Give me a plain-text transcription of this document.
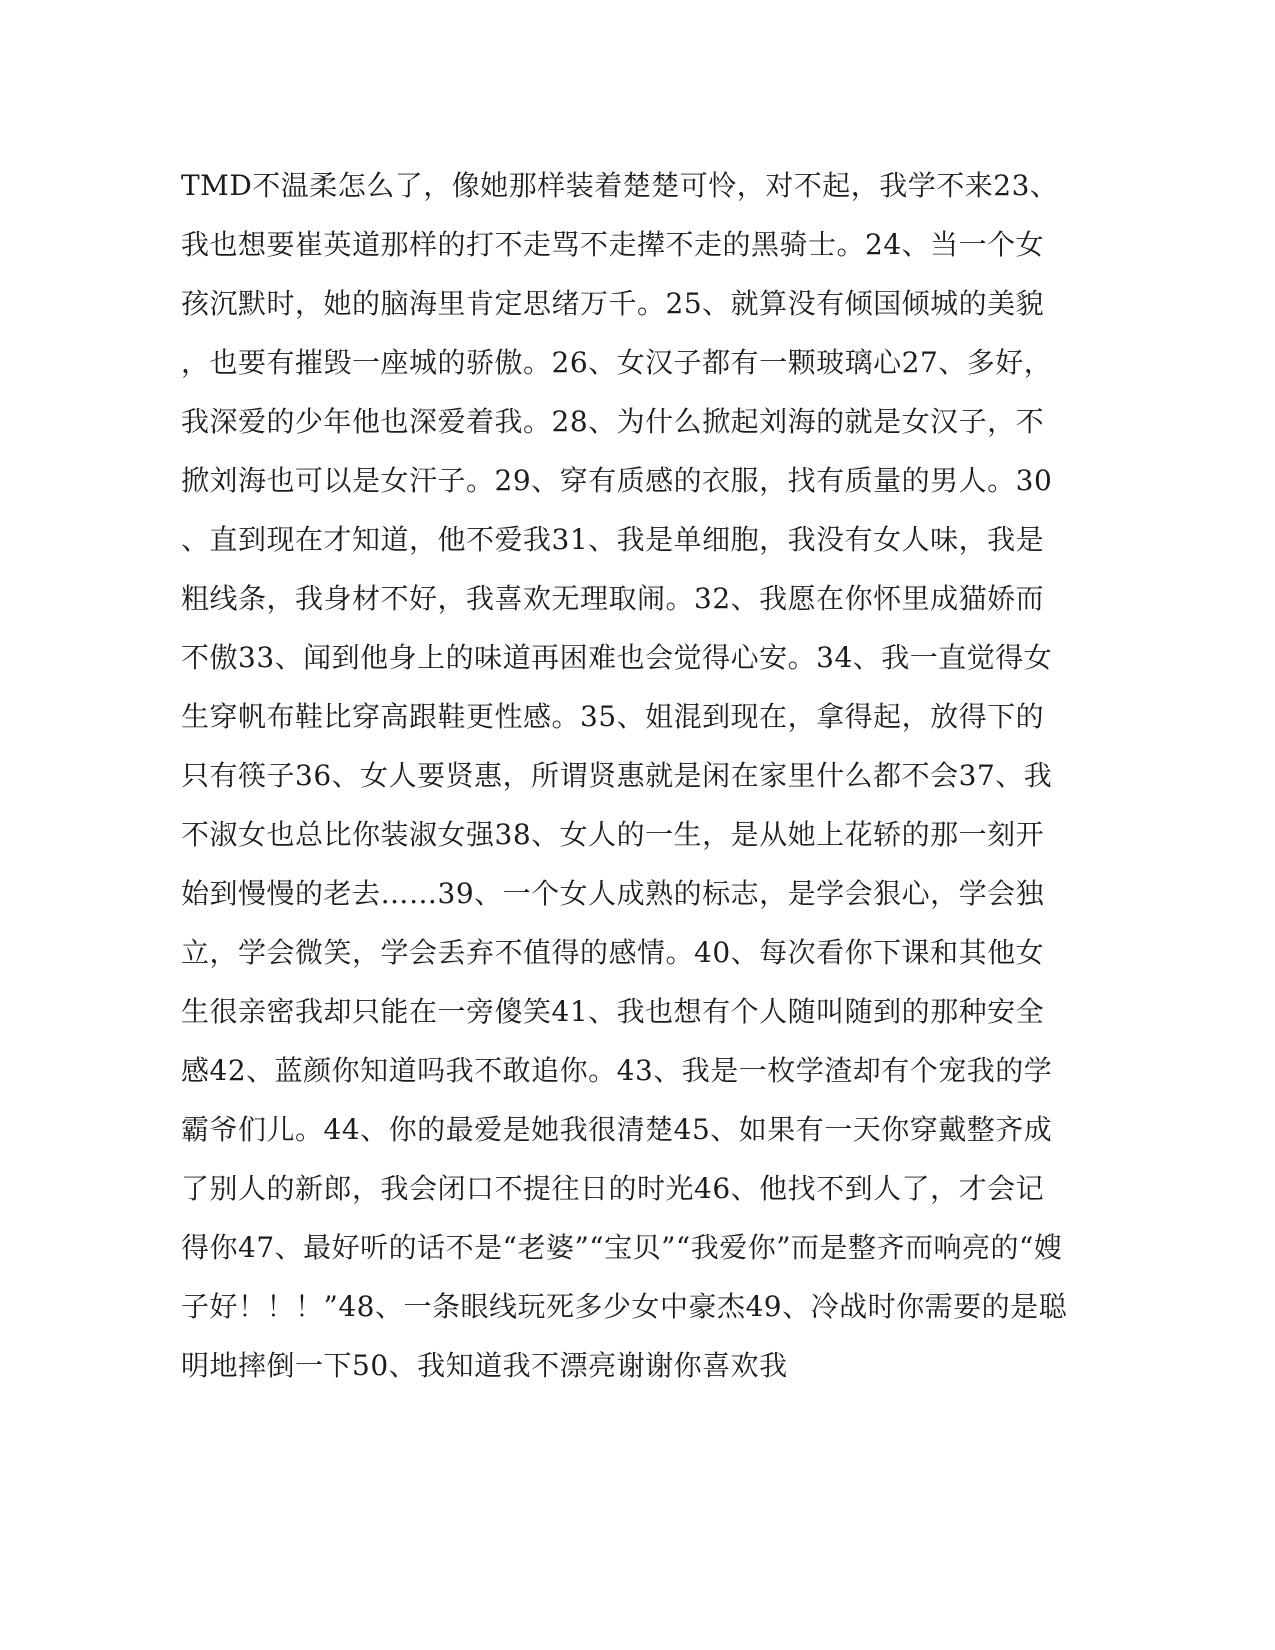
TMD不温柔怎么了，像她那样装着楚楚可怜，对不起，我学不来23、
我也想要崔英道那样的打不走骂不走撵不走的黑骑士。24、当一个女
孩沉默时，她的脑海里肯定思绪万千。25、就算没有倾国倾城的美貌
，也要有摧毁一座城的骄傲。26、女汉子都有一颗玻璃心27、多好，
我深爱的少年他也深爱着我。28、为什么掀起刘海的就是女汉子，不
掀刘海也可以是女汗子。29、穿有质感的衣服，找有质量的男人。30
、直到现在才知道，他不爱我31、我是单细胞，我没有女人味，我是
粗线条，我身材不好，我喜欢无理取闹。32、我愿在你怀里成猫娇而
不傲33、闻到他身上的味道再困难也会觉得心安。34、我一直觉得女
生穿帆布鞋比穿高跟鞋更性感。35、姐混到现在，拿得起，放得下的
只有筷子36、女人要贤惠，所谓贤惠就是闲在家里什么都不会37、我
不淑女也总比你装淑女强38、女人的一生，是从她上花轿的那一刻开
始到慢慢的老去……39、一个女人成熟的标志，是学会狠心，学会独
立，学会微笑，学会丢弃不值得的感情。40、每次看你下课和其他女
生很亲密我却只能在一旁傻笑41、我也想有个人随叫随到的那种安全
感42、蓝颜你知道吗我不敢追你。43、我是一枚学渣却有个宠我的学
霸爷们儿。44、你的最爱是她我很清楚45、如果有一天你穿戴整齐成
了别人的新郎，我会闭口不提往日的时光46、他找不到人了，才会记
得你47、最好听的话不是“老婆”“宝贝”“我爱你”而是整齐而响亮的“嫂
子好！！！”48、一条眼线玩死多少女中豪杰49、冷战时你需要的是聪
明地摔倒一下50、我知道我不漂亮谢谢你喜欢我
